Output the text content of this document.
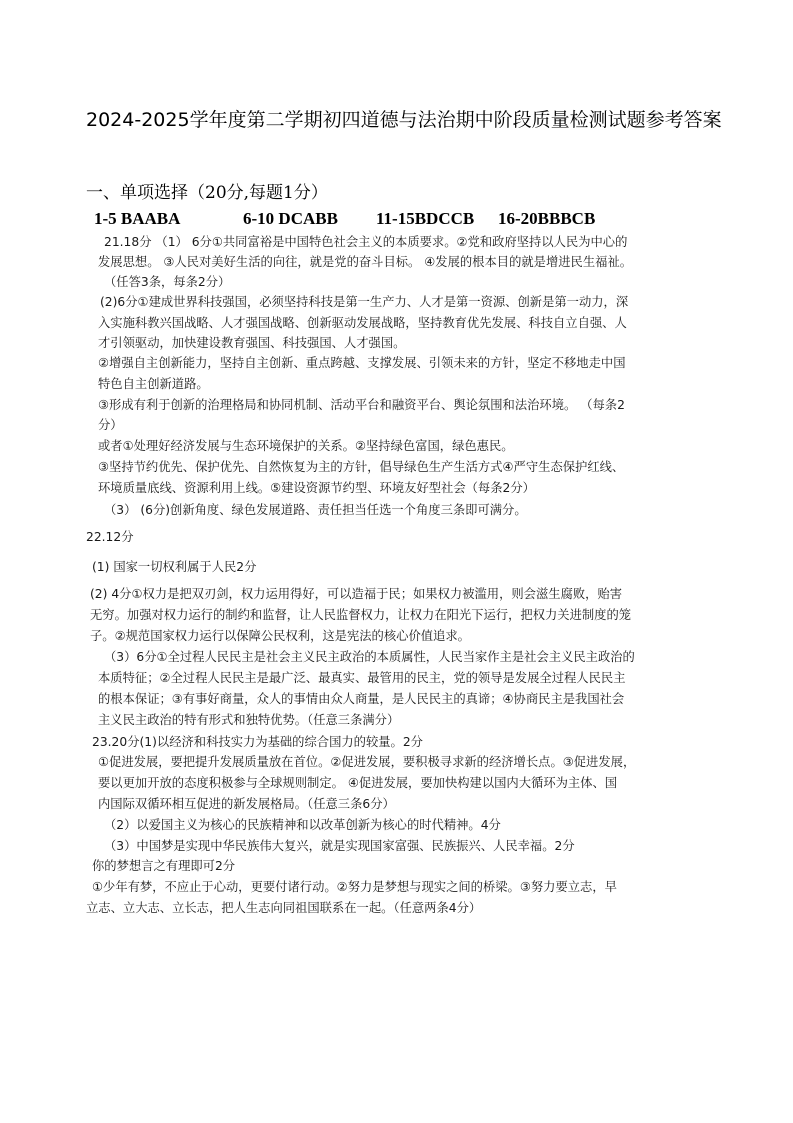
2024-2025学年度第二学期初四道德与法治期中阶段质量检测试题参考答案
一、单项选择（20分,每题1分）
1-5 BAABA	6-10 DCABB 11-15BDCCB 16-20BBBCB
21.18分 （1） 6分①共同富裕是中国特色社会主义的本质要求。②党和政府坚持以人民为中心的
发展思想。 ③人民对美好生活的向往，就是党的奋斗目标。 ④发展的根本目的就是增进民生福祉。
（任答3条，每条2分）
(2)6分①建成世界科技强国，必须坚持科技是第一生产力、人才是第一资源、创新是第一动力，深
入实施科教兴国战略、人才强国战略、创新驱动发展战略，坚持教育优先发展、科技自立自强、人
才引领驱动，加快建设教育强国、科技强国、人才强国。
②增强自主创新能力，坚持自主创新、重点跨越、支撑发展、引领未来的方针，坚定不移地走中国
特色自主创新道路。
③形成有利于创新的治理格局和协同机制、活动平台和融资平台、舆论氛围和法治环境。 （每条2
分）
或者①处理好经济发展与生态环境保护的关系。②坚持绿色富国，绿色惠民。
③坚持节约优先、保护优先、自然恢复为主的方针，倡导绿色生产生活方式④严守生态保护红线、
环境质量底线、资源利用上线。⑤建设资源节约型、环境友好型社会（每条2分）
（3） (6分)创新角度、绿色发展道路、责任担当任选一个角度三条即可满分。
22.12分
(1) 国家一切权利属于人民2分
(2) 4分①权力是把双刃剑，权力运用得好，可以造福于民；如果权力被滥用，则会滋生腐败，贻害
无穷。加强对权力运行的制约和监督，让人民监督权力，让权力在阳光下运行，把权力关进制度的笼
子。②规范国家权力运行以保障公民权利，这是宪法的核心价值追求。
（3）6分①全过程人民民主是社会主义民主政治的本质属性，人民当家作主是社会主义民主政治的
本质特征；②全过程人民民主是最广泛、最真实、最管用的民主，党的领导是发展全过程人民民主
的根本保证；③有事好商量，众人的事情由众人商量，是人民民主的真谛；④协商民主是我国社会
主义民主政治的特有形式和独特优势。（任意三条满分）
23.20分(1)以经济和科技实力为基础的综合国力的较量。2分
①促进发展，要把提升发展质量放在首位。②促进发展，要积极寻求新的经济增长点。③促进发展，
要以更加开放的态度积极参与全球规则制定。 ④促进发展，要加快构建以国内大循环为主体、国
内国际双循环相互促进的新发展格局。（任意三条6分）
（2）以爱国主义为核心的民族精神和以改革创新为核心的时代精神。4分
（3）中国梦是实现中华民族伟大复兴，就是实现国家富强、民族振兴、人民幸福。2分
你的梦想言之有理即可2分
①少年有梦，不应止于心动，更要付诸行动。②努力是梦想与现实之间的桥梁。③努力要立志，早
立志、立大志、立长志，把人生志向同祖国联系在一起。（任意两条4分）
